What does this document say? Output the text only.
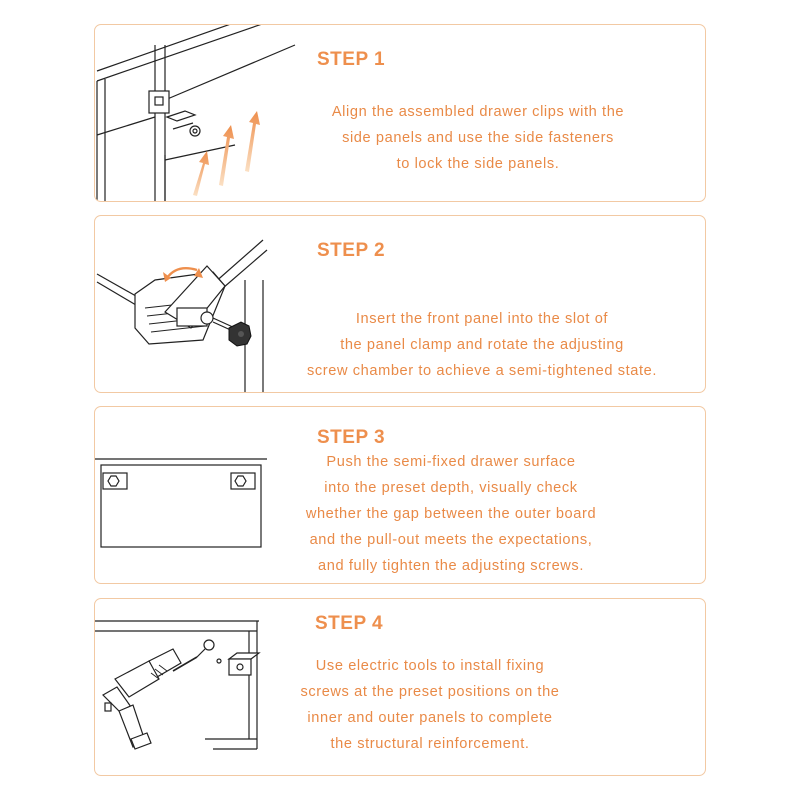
STEP 1
Align the assembled drawer clips with the
side panels and use the side fasteners
to lock the side panels.
STEP 2
Insert the front panel into the slot of
the panel clamp and rotate the adjusting
screw chamber to achieve a semi-tightened state.
STEP 3
Push the semi-fixed drawer surface
into the preset depth, visually check
whether the gap between the outer board
and the pull-out meets the expectations,
and fully tighten the adjusting screws.
STEP 4
Use electric tools to install fixing
screws at the preset positions on the
inner and outer panels to complete
the structural reinforcement.
